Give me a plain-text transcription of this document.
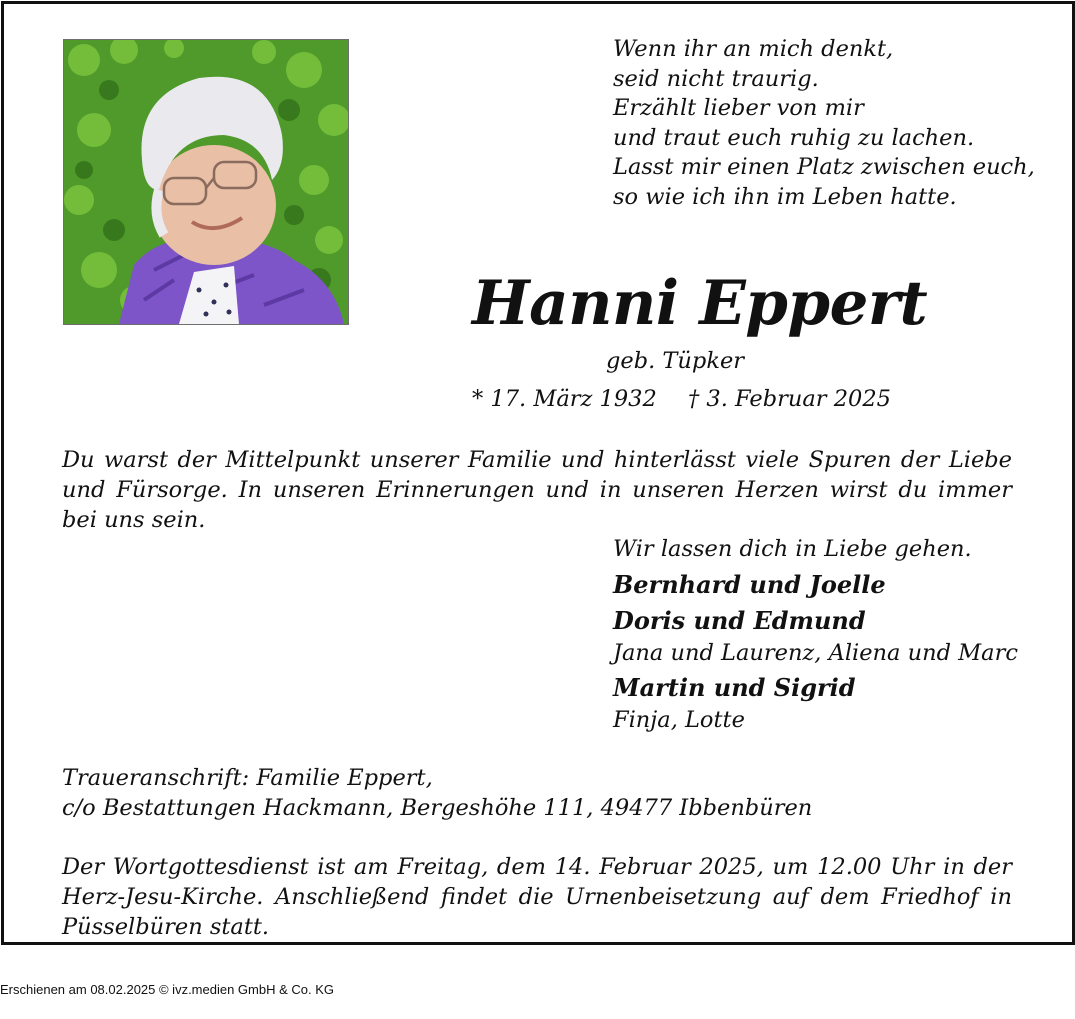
Wenn ihr an mich denkt,
seid nicht traurig.
Erzählt lieber von mir
und traut euch ruhig zu lachen.
Lasst mir einen Platz zwischen euch,
so wie ich ihn im Leben hatte.
Hanni Eppert
geb. Tüpker
* 17. März 1932 † 3. Februar 2025
Du warst der Mittelpunkt unserer Familie und hinterlässt viele Spuren der Liebe und Fürsorge. In unseren Erinnerungen und in unseren Herzen wirst du immer bei uns sein.
Wir lassen dich in Liebe gehen.
Bernhard und Joelle
Doris und Edmund
Jana und Laurenz, Aliena und Marc
Martin und Sigrid
Finja, Lotte
Traueranschrift: Familie Eppert,
c/o Bestattungen Hackmann, Bergeshöhe 111, 49477 Ibbenbüren
Der Wortgottesdienst ist am Freitag, dem 14. Februar 2025, um 12.00 Uhr in der Herz-Jesu-Kirche. Anschließend findet die Urnenbeisetzung auf dem Friedhof in Püsselbüren statt.
Erschienen am 08.02.2025 © ivz.medien GmbH & Co. KG
